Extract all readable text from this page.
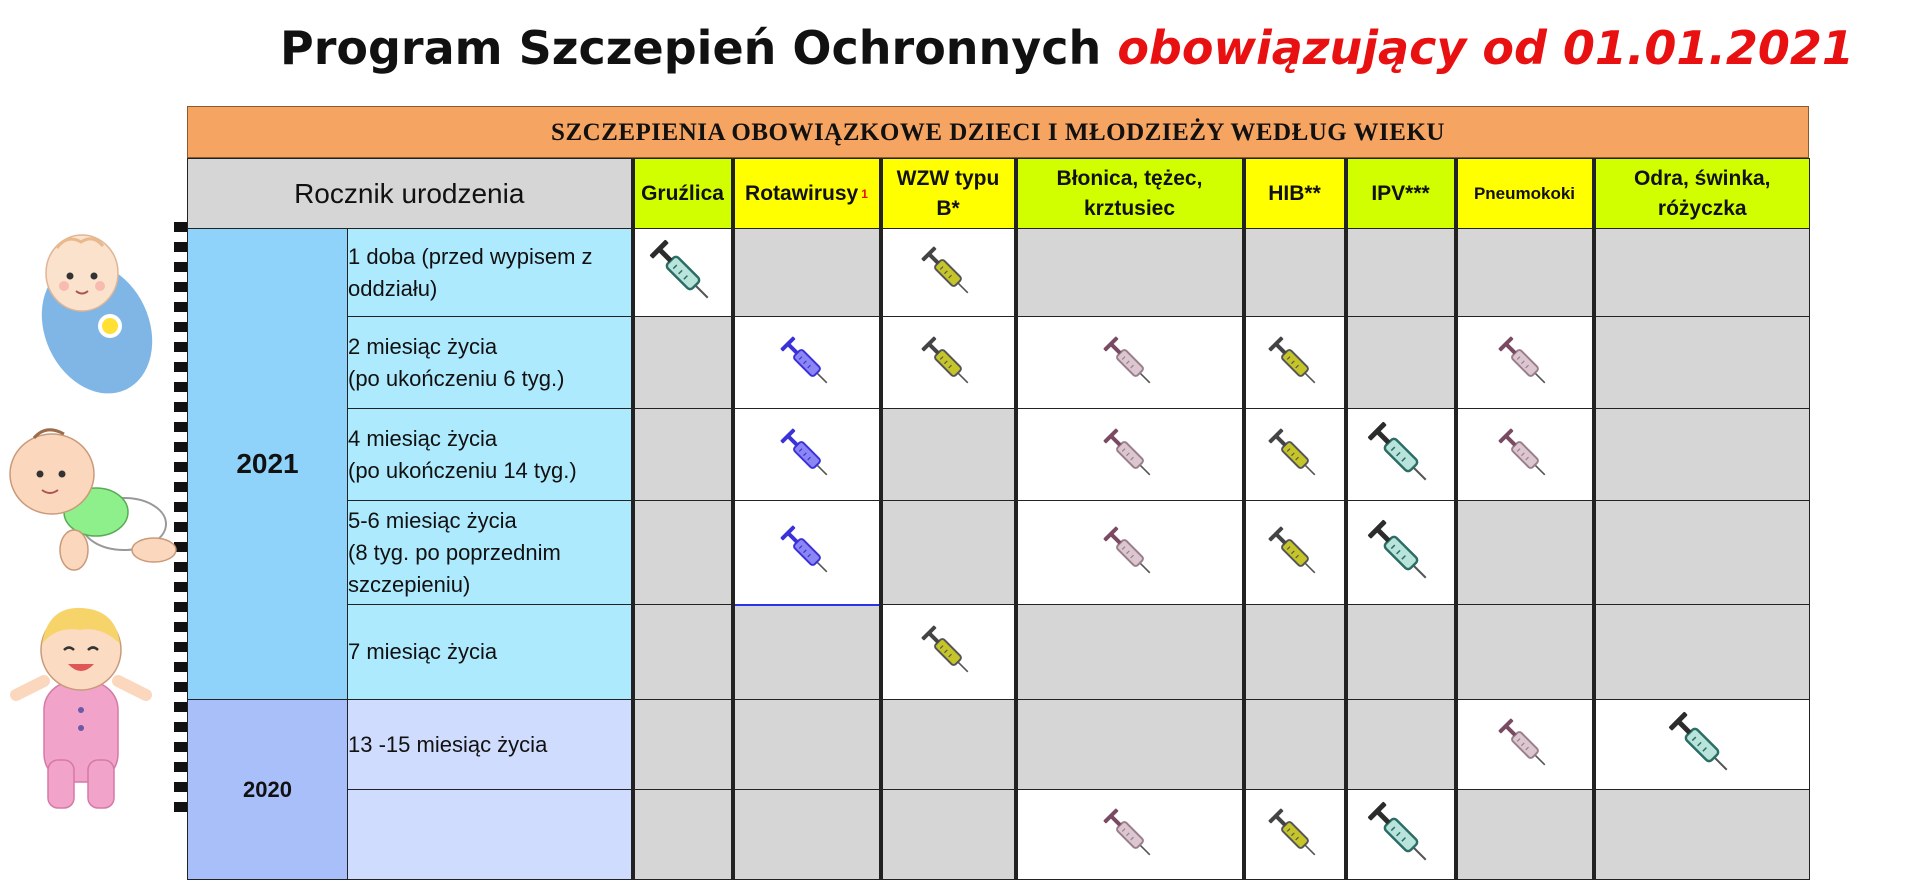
Program Szczepień Ochronnych obowiązujący od 01.01.2021
SZCZEPIENIA OBOWIĄZKOWE DZIECI I MŁODZIEŻY WEDŁUG WIEKU
Rocznik urodzenia		Gruźlica	Rotawirusy $^1$	WZW typu B*	Błonica, tężec, krztusiec	HIB**	IPV***	Pneumokoki	Odra, świnka, różyczka
2021	1 doba (przed wypisem z
oddziału)

	2 miesiąc życia
(po ukończeniu 6 tyg.)

	4 miesiąc życia
(po ukończeniu 14 tyg.)

	5-6 miesiąc życia
(8 tyg. po poprzednim
szczepieniu)

	7 miesiąc życia

2020	13 -15 miesiąc życia
